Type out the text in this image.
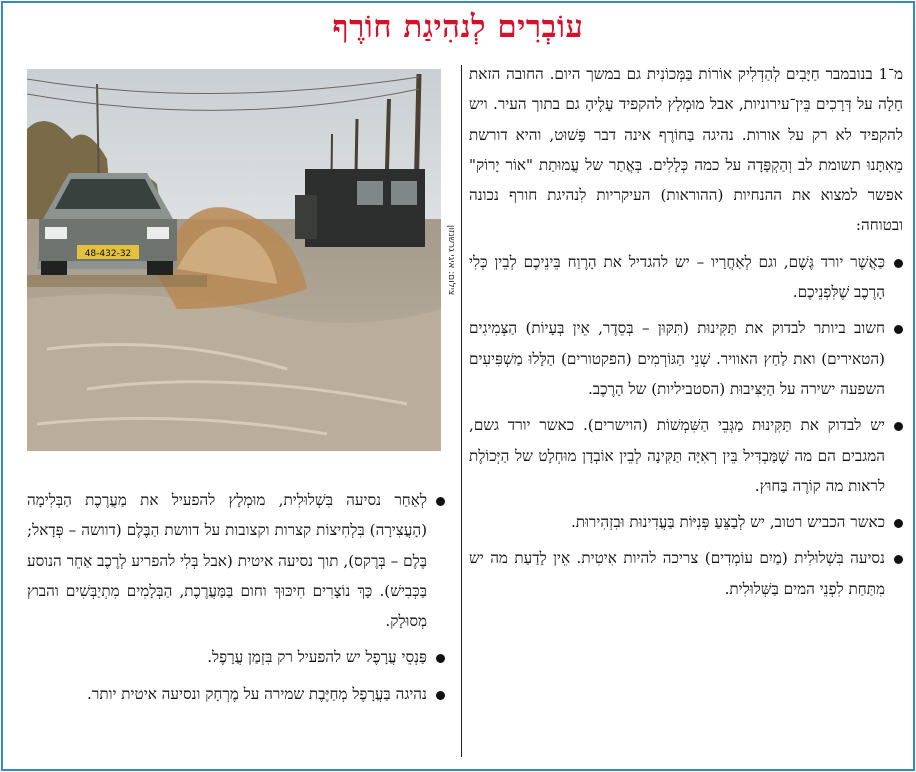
עוֹבְרִים לְנהִיגַת חוֹרֶף

מ־1 בנובמבר חַיָּבִים לְהַדְלִיק אוֹרוֹת בַּמְּכוֹנִית גם במשך היום. החובה הזאת חָלָה על דְּרָכִים בֵּין־עירוניות, אבל מוּמְלָץ להקפיד עָלֶיהָ גם בתוך העיר. ויש להקפיד לא רק על אורות. נהיגה בַּחוֹרֶף אינה דבר פָּשׁוּט, והיא דורשת מֵאִתָּנוּ תשומת לב וְהַקְפָּדָה על כמה כְּלָלִים. בְּאֲתַר של עֲמוּתַת "אוֹר יָרוֹק" אפשר למצוא את ההנחיות (ההוראות) העיקריות לִנהיגת חורף נכונה ובטוחה:

כַּאֲשֶׁר יורד גֶּשֶׁם, וגם לְאַחֲרָיו – יש להגדיל את הָרֶוַח בֵּינֵיכֶם לְבֵין כְּלִי הָרֶכֶב שֶׁלִּפְנֵיכֶם.

חשוב ביותר לבדוק את תַּקִּינוּת (תִּקּוּן – בְּסֵדֶר, אֵין בְּעָיוֹת) הַצְּמִיגִים (הטאירים) ואת לַחַץ האוויר. שְׁנֵי הַגּוֹרְמִים (הפקטורים) הַלָּלוּ מַשְׁפִּיעִים השפעה ישירה על הַיַּצִּיבוּת (הסטביליות) של הָרֶכֶב.

יש לבדוק את תַּקִּינוּת מַגְּבֵי הַשִּׁמְשׁוֹת (הוישרים). כאשר יורד גשם, המגבים הם מה שֶׁמַּבְדִּיל בֵּין רְאִיָּה תַּקִּינָה לְבֵין אוֹבְדָן מוּחְלָט של הַיְּכוֹלֶת לראות מה קוֹרֶה בַּחוּץ.

כאשר הכביש רטוב, יש לְבַצֵּעַ פְּנִיּוֹת בַּעֲדִינוּת וּבִזְהִירוּת.

נסיעה בִּשְׁלוּלִית (מַיִם עוֹמְדִים) צריכה להיות אִיטִית. אֵין לָדַעַת מה יש מִתַּחַת לִפְנֵי המים בַּשְּׁלוּלִית.

48-432-32	צילום: איגי גרשנזון

לְאַחַר נסיעה בִּשְׁלוּלִית, מוּמְלָץ להפעיל את מַעֲרֶכֶת הַבְּלִימָה (הָעֲצִירָה) בִּלְחִיצוֹת קצרות וקצובות על דוושת הַבֶּלֶם (דוושה – פְּדָאל; בֶּלֶם – בְּרֶקס), תוך נסיעה איטית (אבל בְּלִי להפריע לְרֶכֶב אַחֵר הנוסע בַּכְּבִישׁ). כָּךְ נוֹצָרִים חִיכּוּךְ וחום בַּמַּעֲרֶכֶת, הַבְּלָמִים מִתְיַבְּשִׁים והבוץ מְסוּלָק.

פַּנְסֵי עֲרָפֶל יש להפעיל רק בִּזְמַן עֲרָפֶל.

נהיגה בַּעֲרָפֶל מְחַיֶּבֶת שמירה על מֶרְחָק ונסיעה איטית יותר.
